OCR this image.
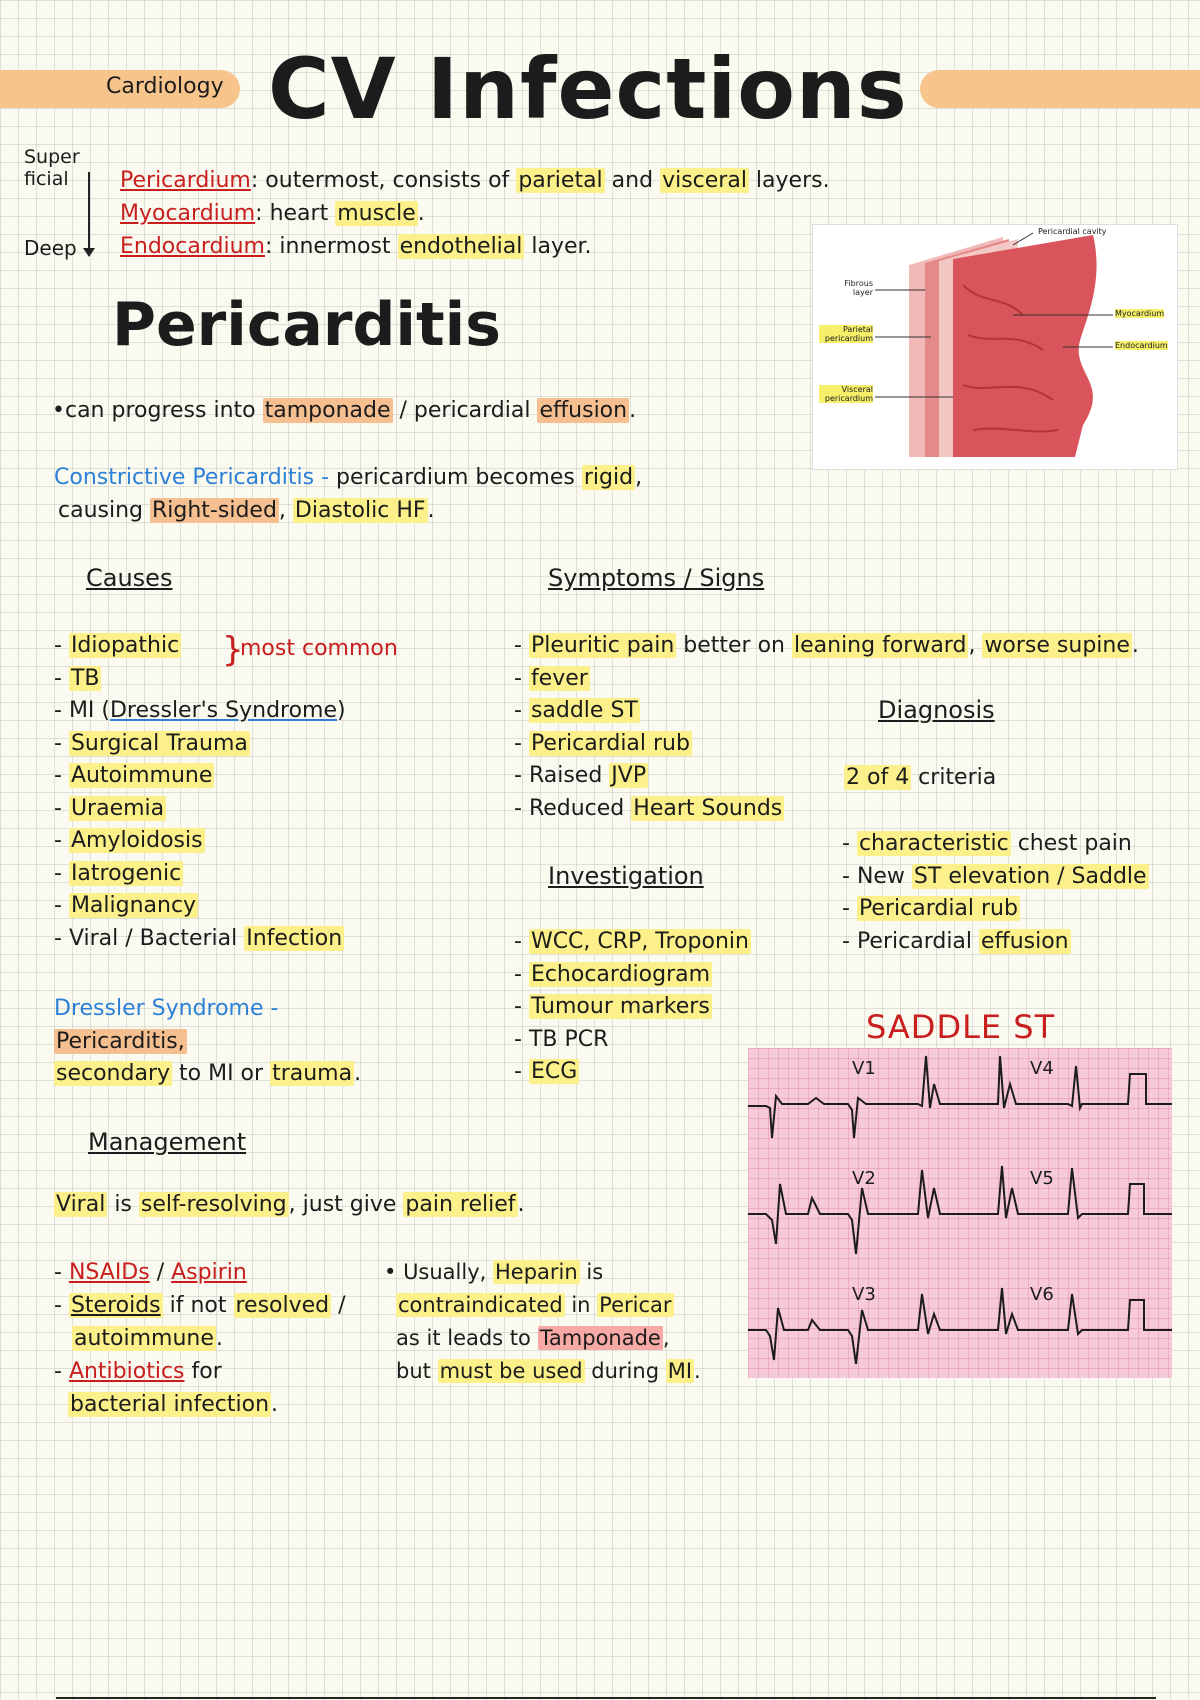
Cardiology CV Infections
Super
ficial
Deep
Pericardium: outermost, consists of parietal and visceral layers.
Myocardium: heart muscle.
Endocardium: innermost endothelial layer.
Pericardial cavity
Fibrous layer
Parietal pericardium
Visceral pericardium
Myocardium
Endocardium
Pericarditis
•can progress into tamponade / pericardial effusion.
Constrictive Pericarditis - pericardium becomes rigid,
causing Right-sided, Diastolic HF.
Causes
- Idiopathic
- TB
- MI (Dressler's Syndrome)
- Surgical Trauma
- Autoimmune
- Uraemia
- Amyloidosis
- Iatrogenic
- Malignancy
- Viral / Bacterial Infection
}
most common
Dressler Syndrome -
Pericarditis,
secondary to MI or trauma.
Symptoms / Signs
- Pleuritic pain better on leaning forward, worse supine.
- fever
- saddle ST
- Pericardial rub
- Raised JVP
- Reduced Heart Sounds
Investigation
- WCC, CRP, Troponin
- Echocardiogram
- Tumour markers
- TB PCR
- ECG
Diagnosis
2 of 4 criteria
- characteristic chest pain
- New ST elevation / Saddle
- Pericardial rub
- Pericardial effusion
SADDLE ST
V1	V4
V2	V5
V3	V6
Management
Viral is self-resolving, just give pain relief.
- NSAIDs / Aspirin
- Steroids if not resolved /
autoimmune.
- Antibiotics for
bacterial infection.
• Usually, Heparin is
contraindicated in Pericar
as it leads to Tamponade,
but must be used during MI.
